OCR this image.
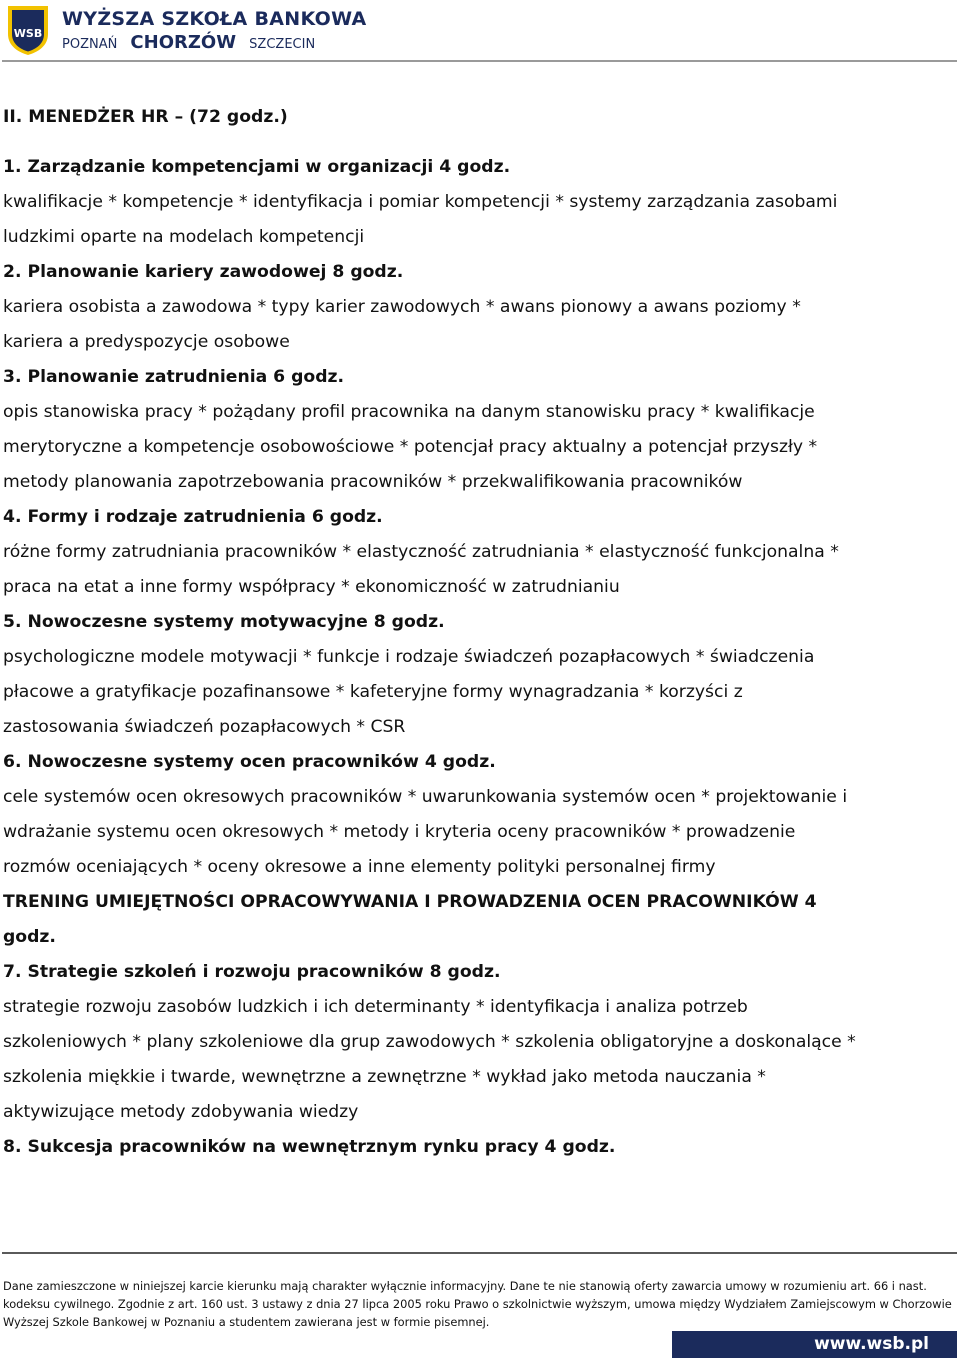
WSB
WYŻSZA SZKOŁA BANKOWA
POZNAŃ CHORZÓW SZCZECIN
II. MENEDŻER HR – (72 godz.)
1. Zarządzanie kompetencjami w organizacji 4 godz.
kwalifikacje * kompetencje * identyfikacja i pomiar kompetencji * systemy zarządzania zasobami
ludzkimi oparte na modelach kompetencji
2. Planowanie kariery zawodowej 8 godz.
kariera osobista a zawodowa * typy karier zawodowych * awans pionowy a awans poziomy *
kariera a predyspozycje osobowe
3. Planowanie zatrudnienia 6 godz.
opis stanowiska pracy * pożądany profil pracownika na danym stanowisku pracy * kwalifikacje
merytoryczne a kompetencje osobowościowe * potencjał pracy aktualny a potencjał przyszły *
metody planowania zapotrzebowania pracowników * przekwalifikowania pracowników
4. Formy i rodzaje zatrudnienia 6 godz.
różne formy zatrudniania pracowników * elastyczność zatrudniania * elastyczność funkcjonalna *
praca na etat a inne formy współpracy * ekonomiczność w zatrudnianiu
5. Nowoczesne systemy motywacyjne 8 godz.
psychologiczne modele motywacji * funkcje i rodzaje świadczeń pozapłacowych * świadczenia
płacowe a gratyfikacje pozafinansowe * kafeteryjne formy wynagradzania * korzyści z
zastosowania świadczeń pozapłacowych * CSR
6. Nowoczesne systemy ocen pracowników 4 godz.
cele systemów ocen okresowych pracowników * uwarunkowania systemów ocen * projektowanie i
wdrażanie systemu ocen okresowych * metody i kryteria oceny pracowników * prowadzenie
rozmów oceniających * oceny okresowe a inne elementy polityki personalnej firmy
TRENING UMIEJĘTNOŚCI OPRACOWYWANIA I PROWADZENIA OCEN PRACOWNIKÓW 4
godz.
7. Strategie szkoleń i rozwoju pracowników 8 godz.
strategie rozwoju zasobów ludzkich i ich determinanty * identyfikacja i analiza potrzeb
szkoleniowych * plany szkoleniowe dla grup zawodowych * szkolenia obligatoryjne a doskonalące *
szkolenia miękkie i twarde, wewnętrzne a zewnętrzne * wykład jako metoda nauczania *
aktywizujące metody zdobywania wiedzy
8. Sukcesja pracowników na wewnętrznym rynku pracy 4 godz.
Dane zamieszczone w niniejszej karcie kierunku mają charakter wyłącznie informacyjny. Dane te nie stanowią oferty zawarcia umowy w rozumieniu art. 66 i nast.
kodeksu cywilnego. Zgodnie z art. 160 ust. 3 ustawy z dnia 27 lipca 2005 roku Prawo o szkolnictwie wyższym, umowa między Wydziałem Zamiejscowym w Chorzowie
Wyższej Szkole Bankowej w Poznaniu a studentem zawierana jest w formie pisemnej.
www.wsb.pl
